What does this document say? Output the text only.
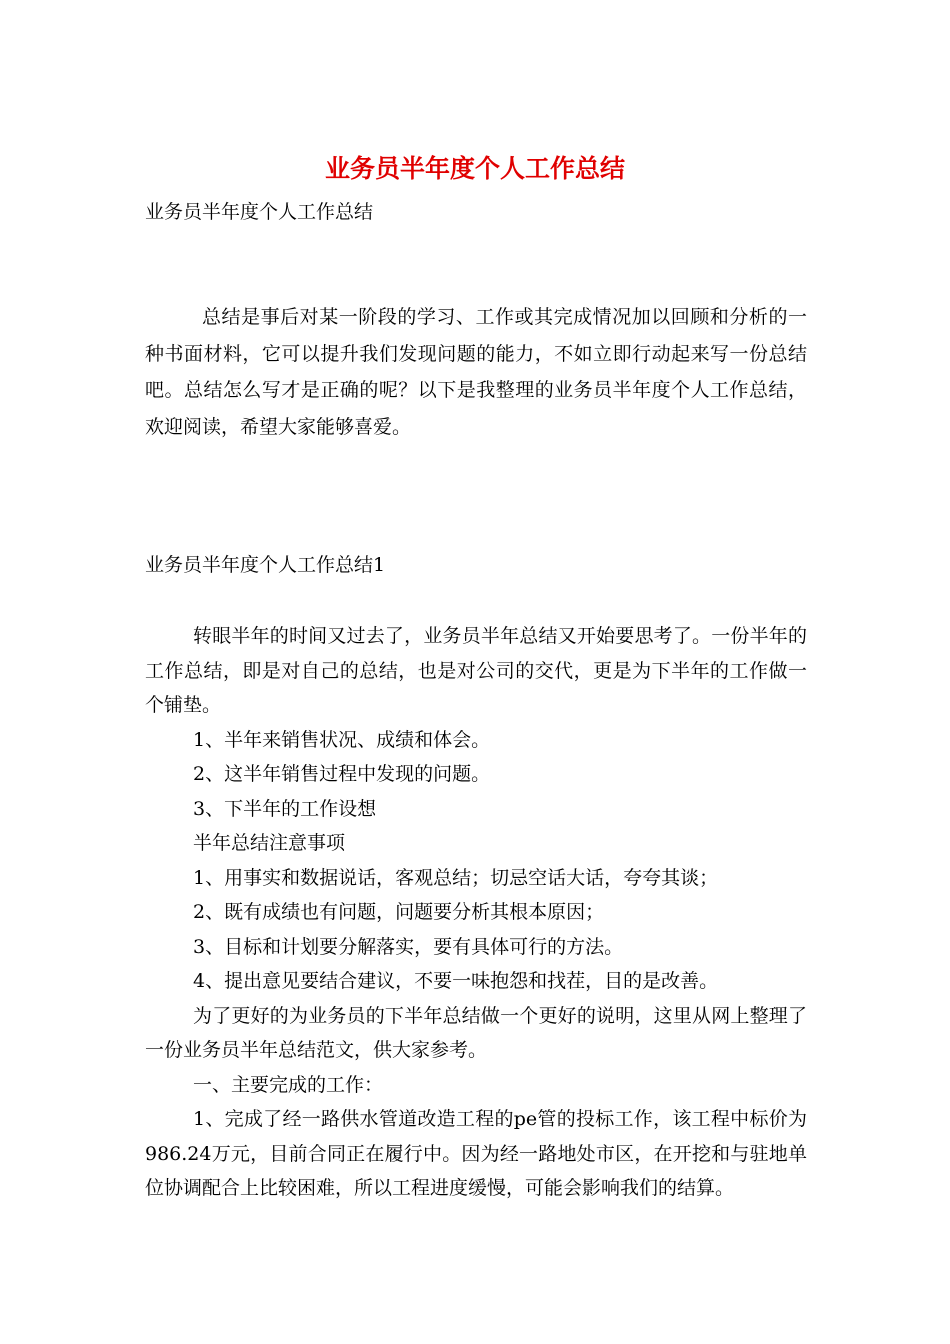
业务员半年度个人工作总结
业务员半年度个人工作总结
总结是事后对某一阶段的学习、工作或其完成情况加以回顾和分析的一种书面材料，它可以提升我们发现问题的能力，不如立即行动起来写一份总结吧。总结怎么写才是正确的呢？以下是我整理的业务员半年度个人工作总结，欢迎阅读，希望大家能够喜爱。
业务员半年度个人工作总结1

转眼半年的时间又过去了，业务员半年总结又开始要思考了。一份半年的工作总结，即是对自己的总结，也是对公司的交代，更是为下半年的工作做一个铺垫。

1、半年来销售状况、成绩和体会。

2、这半年销售过程中发现的问题。

3、下半年的工作设想

半年总结注意事项

1、用事实和数据说话，客观总结；切忌空话大话，夸夸其谈；

2、既有成绩也有问题，问题要分析其根本原因；

3、目标和计划要分解落实，要有具体可行的方法。

4、提出意见要结合建议，不要一味抱怨和找茬，目的是改善。

为了更好的为业务员的下半年总结做一个更好的说明，这里从网上整理了一份业务员半年总结范文，供大家参考。

一、主要完成的工作：

1、完成了经一路供水管道改造工程的pe管的投标工作，该工程中标价为986.24万元，目前合同正在履行中。因为经一路地处市区，在开挖和与驻地单位协调配合上比较困难，所以工程进度缓慢，可能会影响我们的结算。
